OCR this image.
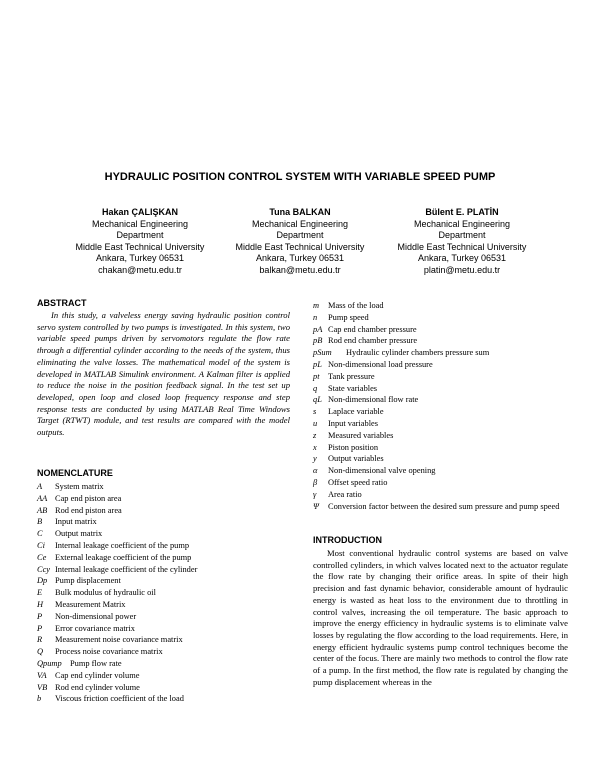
HYDRAULIC POSITION CONTROL SYSTEM WITH VARIABLE SPEED PUMP
Hakan ÇALIŞKAN
Mechanical Engineering
Department
Middle East Technical University
Ankara, Turkey 06531
chakan@metu.edu.tr
Tuna BALKAN
Mechanical Engineering
Department
Middle East Technical University
Ankara, Turkey 06531
balkan@metu.edu.tr
Bülent E. PLATİN
Mechanical Engineering
Department
Middle East Technical University
Ankara, Turkey 06531
platin@metu.edu.tr
ABSTRACT
In this study, a valveless energy saving hydraulic position control servo system controlled by two pumps is investigated. In this system, two variable speed pumps driven by servomotors regulate the flow rate through a differential cylinder according to the needs of the system, thus eliminating the valve losses. The mathematical model of the system is developed in MATLAB Simulink environment. A Kalman filter is applied to reduce the noise in the position feedback signal. In the test set up developed, open loop and closed loop frequency response and step response tests are conducted by using MATLAB Real Time Windows Target (RTWT) module, and test results are compared with the model outputs.
NOMENCLATURE
A	System matrix
AA Cap end piston area
AB Rod end piston area
B	Input matrix
C	Output matrix
Ci	Internal leakage coefficient of the pump
Ce	External leakage coefficient of the pump
Ccy Internal leakage coefficient of the cylinder
Dp Pump displacement
E	Bulk modulus of hydraulic oil
H	Measurement Matrix
P	Non-dimensional power
P	Error covariance matrix
R	Measurement noise covariance matrix
Q	Process noise covariance matrix
Qpump Pump flow rate
VA Cap end cylinder volume
VB Rod end cylinder volume
b	Viscous friction coefficient of the load
m	Mass of the load
n	Pump speed
pA Cap end chamber pressure
pB Rod end chamber pressure
pSum	Hydraulic cylinder chambers pressure sum
pL Non-dimensional load pressure
pt	Tank pressure
q	State variables
qL Non-dimensional flow rate
s	Laplace variable
u	Input variables
z	Measured variables
x	Piston position
y	Output variables
α	Non-dimensional valve opening
β	Offset speed ratio
γ	Area ratio
Ψ	Conversion factor between the desired sum pressure and pump speed
INTRODUCTION
Most conventional hydraulic control systems are based on valve controlled cylinders, in which valves located next to the actuator regulate the flow rate by changing their orifice areas. In spite of their high precision and fast dynamic behavior, considerable amount of hydraulic energy is wasted as heat loss to the environment due to throttling in control valves, increasing the oil temperature. The basic approach to improve the energy efficiency in hydraulic systems is to eliminate valve losses by regulating the flow according to the load requirements. Here, in energy efficient hydraulic systems pump control techniques become the center of the focus. There are mainly two methods to control the flow rate of a pump. In the first method, the flow rate is regulated by changing the pump displacement whereas in the
